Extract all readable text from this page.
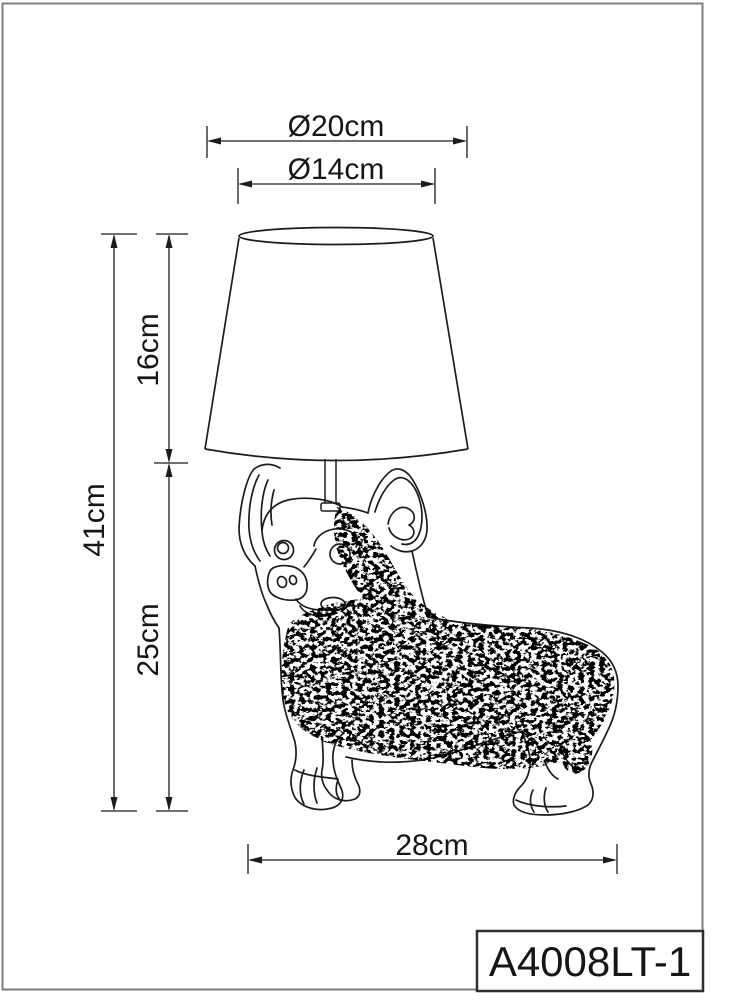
Ø20cm
Ø14cm
41cm
16cm
25cm
28cm
A4008LT-1
